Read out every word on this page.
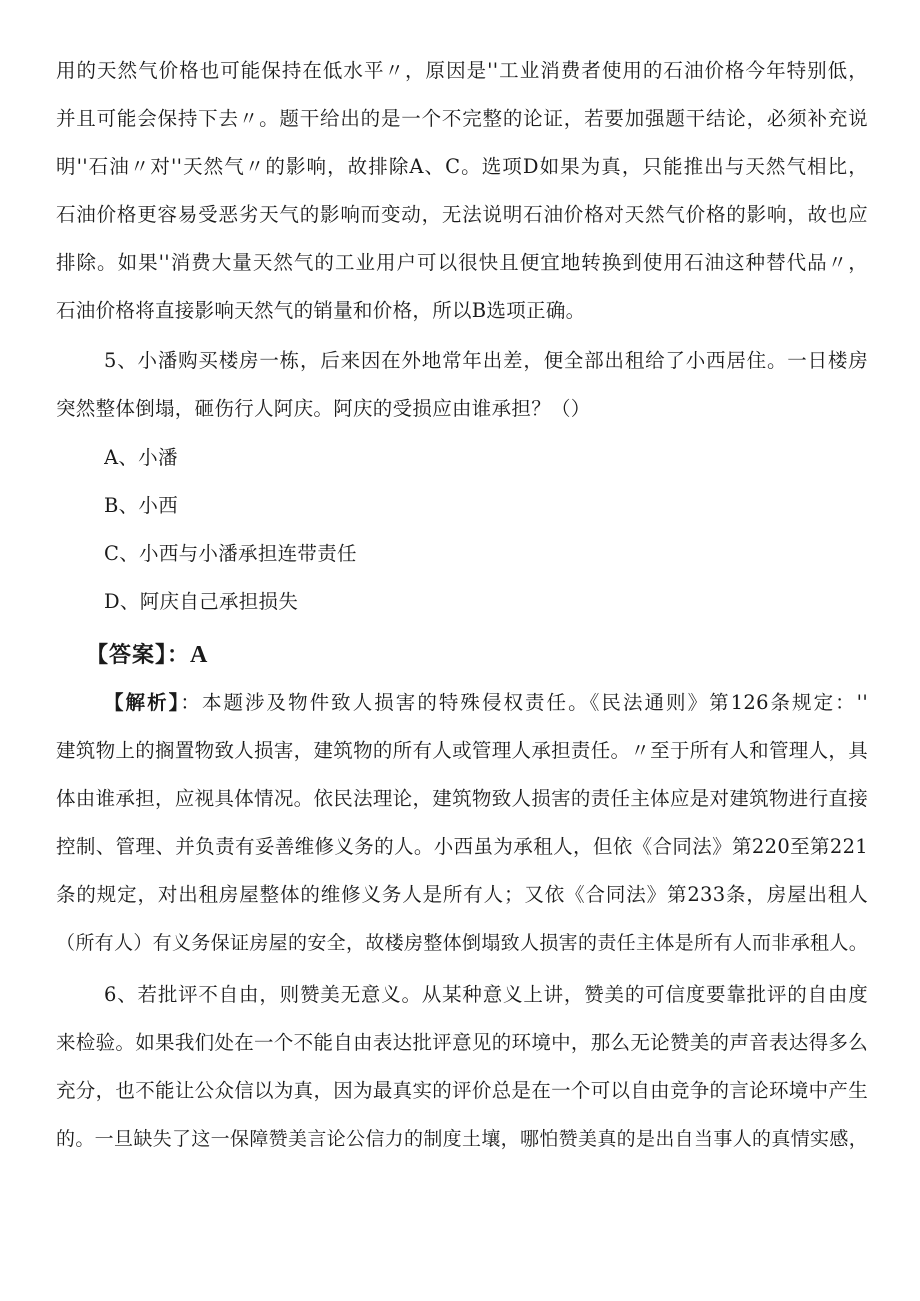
用的天然气价格也可能保持在低水平〃，原因是''工业消费者使用的石油价格今年特别低，
并且可能会保持下去〃。题干给出的是一个不完整的论证，若要加强题干结论，必须补充说
明''石油〃对''天然气〃的影响，故排除A、C。选项D如果为真，只能推出与天然气相比，
石油价格更容易受恶劣天气的影响而变动，无法说明石油价格对天然气价格的影响，故也应
排除。如果''消费大量天然气的工业用户可以很快且便宜地转换到使用石油这种替代品〃，
石油价格将直接影响天然气的销量和价格，所以B选项正确。
5、小潘购买楼房一栋，后来因在外地常年出差，便全部出租给了小西居住。一日楼房
突然整体倒塌，砸伤行人阿庆。阿庆的受损应由谁承担？（）
A、小潘
B、小西
C、小西与小潘承担连带责任
D、阿庆自己承担损失
【答案】：A
【解析】：本题涉及物件致人损害的特殊侵权责任。《民法通则》第126条规定：''
建筑物上的搁置物致人损害，建筑物的所有人或管理人承担责任。〃至于所有人和管理人，具
体由谁承担，应视具体情况。依民法理论，建筑物致人损害的责任主体应是对建筑物进行直接
控制、管理、并负责有妥善维修义务的人。小西虽为承租人，但依《合同法》第220至第221
条的规定，对出租房屋整体的维修义务人是所有人；又依《合同法》第233条，房屋出租人
（所有人）有义务保证房屋的安全，故楼房整体倒塌致人损害的责任主体是所有人而非承租人。
6、若批评不自由，则赞美无意义。从某种意义上讲，赞美的可信度要靠批评的自由度
来检验。如果我们处在一个不能自由表达批评意见的环境中，那么无论赞美的声音表达得多么
充分，也不能让公众信以为真，因为最真实的评价总是在一个可以自由竞争的言论环境中产生
的。一旦缺失了这一保障赞美言论公信力的制度土壤，哪怕赞美真的是出自当事人的真情实感，
